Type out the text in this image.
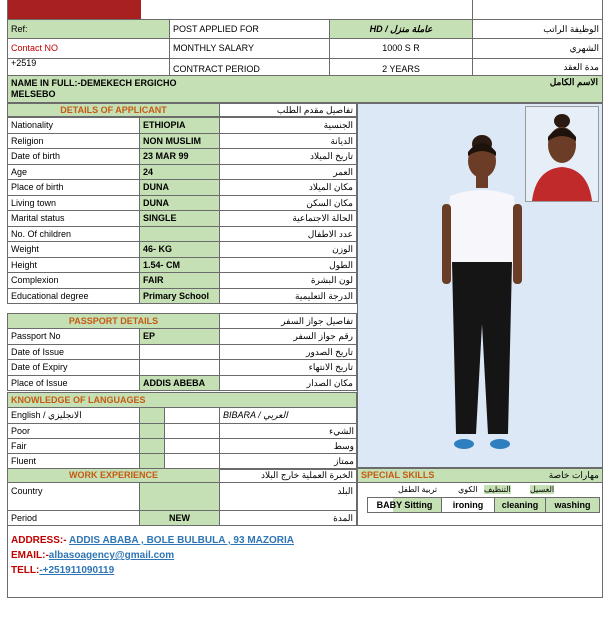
Ref:	POST APPLIED FOR	HD / عاملة منزل	الوظيفة الراتب
Contact NO	MONTHLY SALARY	1000 S R	الشهري
+2519
CONTRACT PERIOD	2 YEARS	مدة العقد
NAME IN FULL:-DEMEKECH ERGICHO
MELSEBO
الاسم الكامل
DETAILS OF APPLICANT	تفاصيل مقدم الطلب
Nationality	ETHIOPIA	الجنسية
Religion	NON MUSLIM	الديانة
Date of birth	23 MAR 99	تاريخ الميلاد
Age	24	العمر
Place of birth	DUNA	مكان الميلاد
Living town	DUNA	مكان السكن
Marital status	SINGLE	الحالة الاجتماعية
No. Of children	عدد الاطفال
Weight	46- KG	الوزن
Height	1.54- CM	الطول
Complexion	FAIR	لون البشرة
Educational degree	Primary School	الدرجة التعليمية
Passport No	EP	رقم جواز السفر
Date of Issue	تاريخ الصدور
Date of Expiry	تاريخ الانتهاء
Place of Issue	ADDIS ABEBA	مكان الصدار
English / الانجليزي	BIBARA / العربي
Poor	الشيء
Fair	وسط
Fluent	ممتاز
PASSPORT DETAILS	تفاصيل جواز السفر
KNOWLEDGE OF LANGUAGES
WORK EXPERIENCE	الخبرة العملية خارج البلاد
Country	البلد
Period	NEW	المدة
SPECIAL SKILLS	مهارات خاصة
تربية الطفل	الكوي التنظيف الغسيل
BABY Sitting	ironing	cleaning	washing
ADDRESS:- ADDIS ABABA , BOLE BULBULA , 93 MAZORIA
EMAIL:-albasoagency@gmail.com
TELL:-+251911090119
